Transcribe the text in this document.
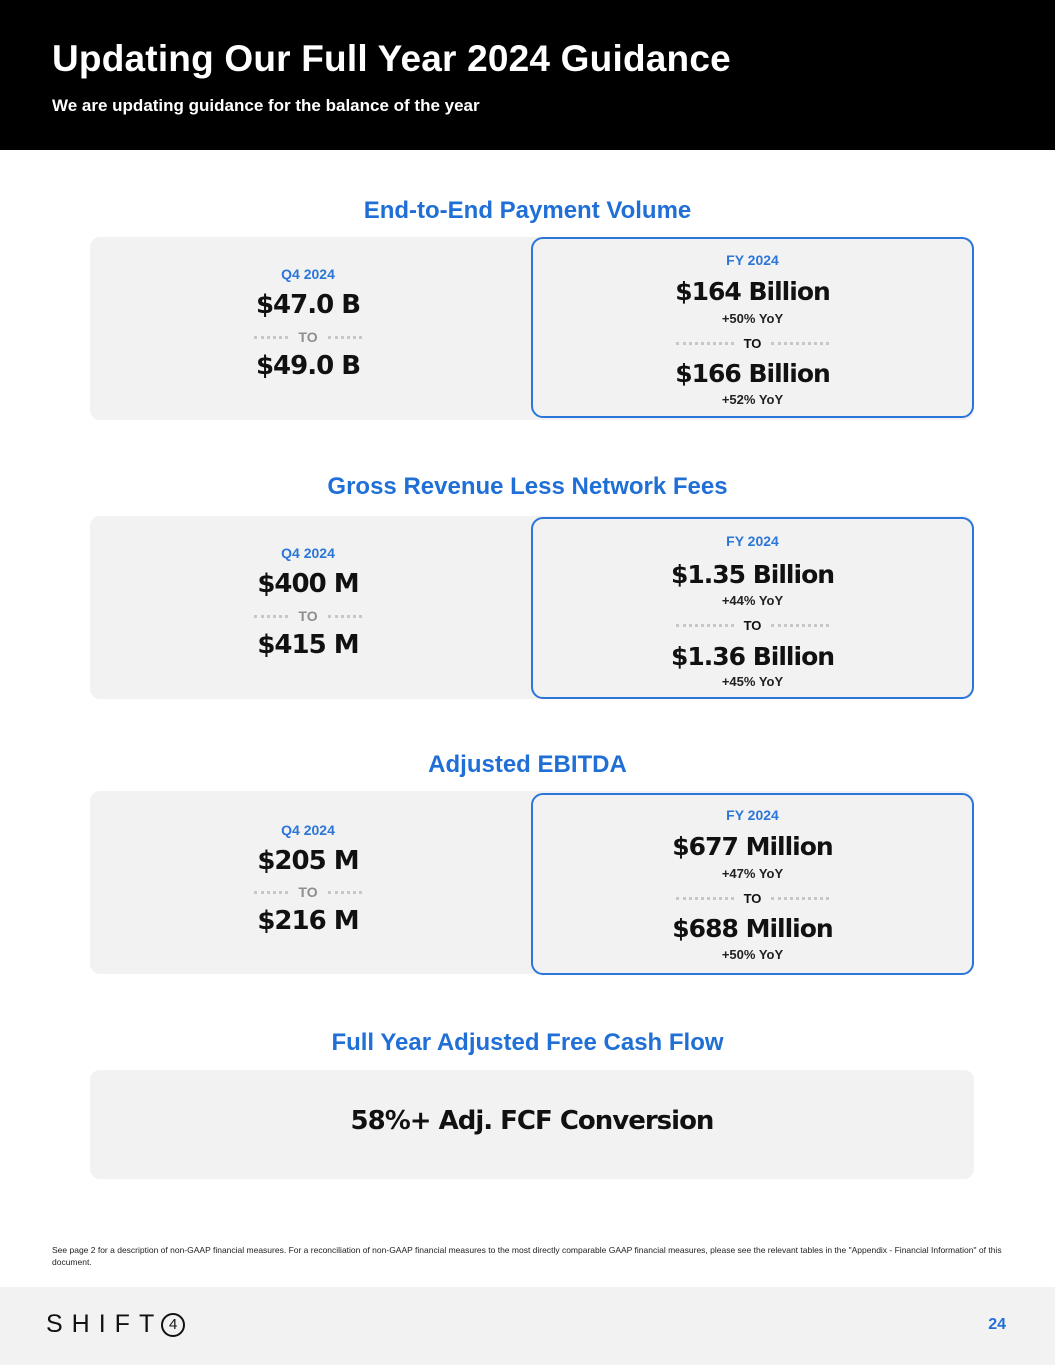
Updating Our Full Year 2024 Guidance
We are updating guidance for the balance of the year
End-to-End Payment Volume
Q4 2024
$47.0 B
TO
$49.0 B
FY 2024
$164 Billion
+50% YoY
TO
$166 Billion
+52% YoY
Gross Revenue Less Network Fees
Q4 2024
$400 M
TO
$415 M
FY 2024
$1.35 Billion
+44% YoY
TO
$1.36 Billion
+45% YoY
Adjusted EBITDA
Q4 2024
$205 M
TO
$216 M
FY 2024
$677 Million
+47% YoY
TO
$688 Million
+50% YoY
Full Year Adjusted Free Cash Flow
58%+ Adj. FCF Conversion
See page 2 for a description of non-GAAP financial measures. For a reconciliation of non-GAAP financial measures to the most directly comparable GAAP financial measures, please see the relevant tables in the "Appendix - Financial Information" of this document.
SHIFT 4	24
